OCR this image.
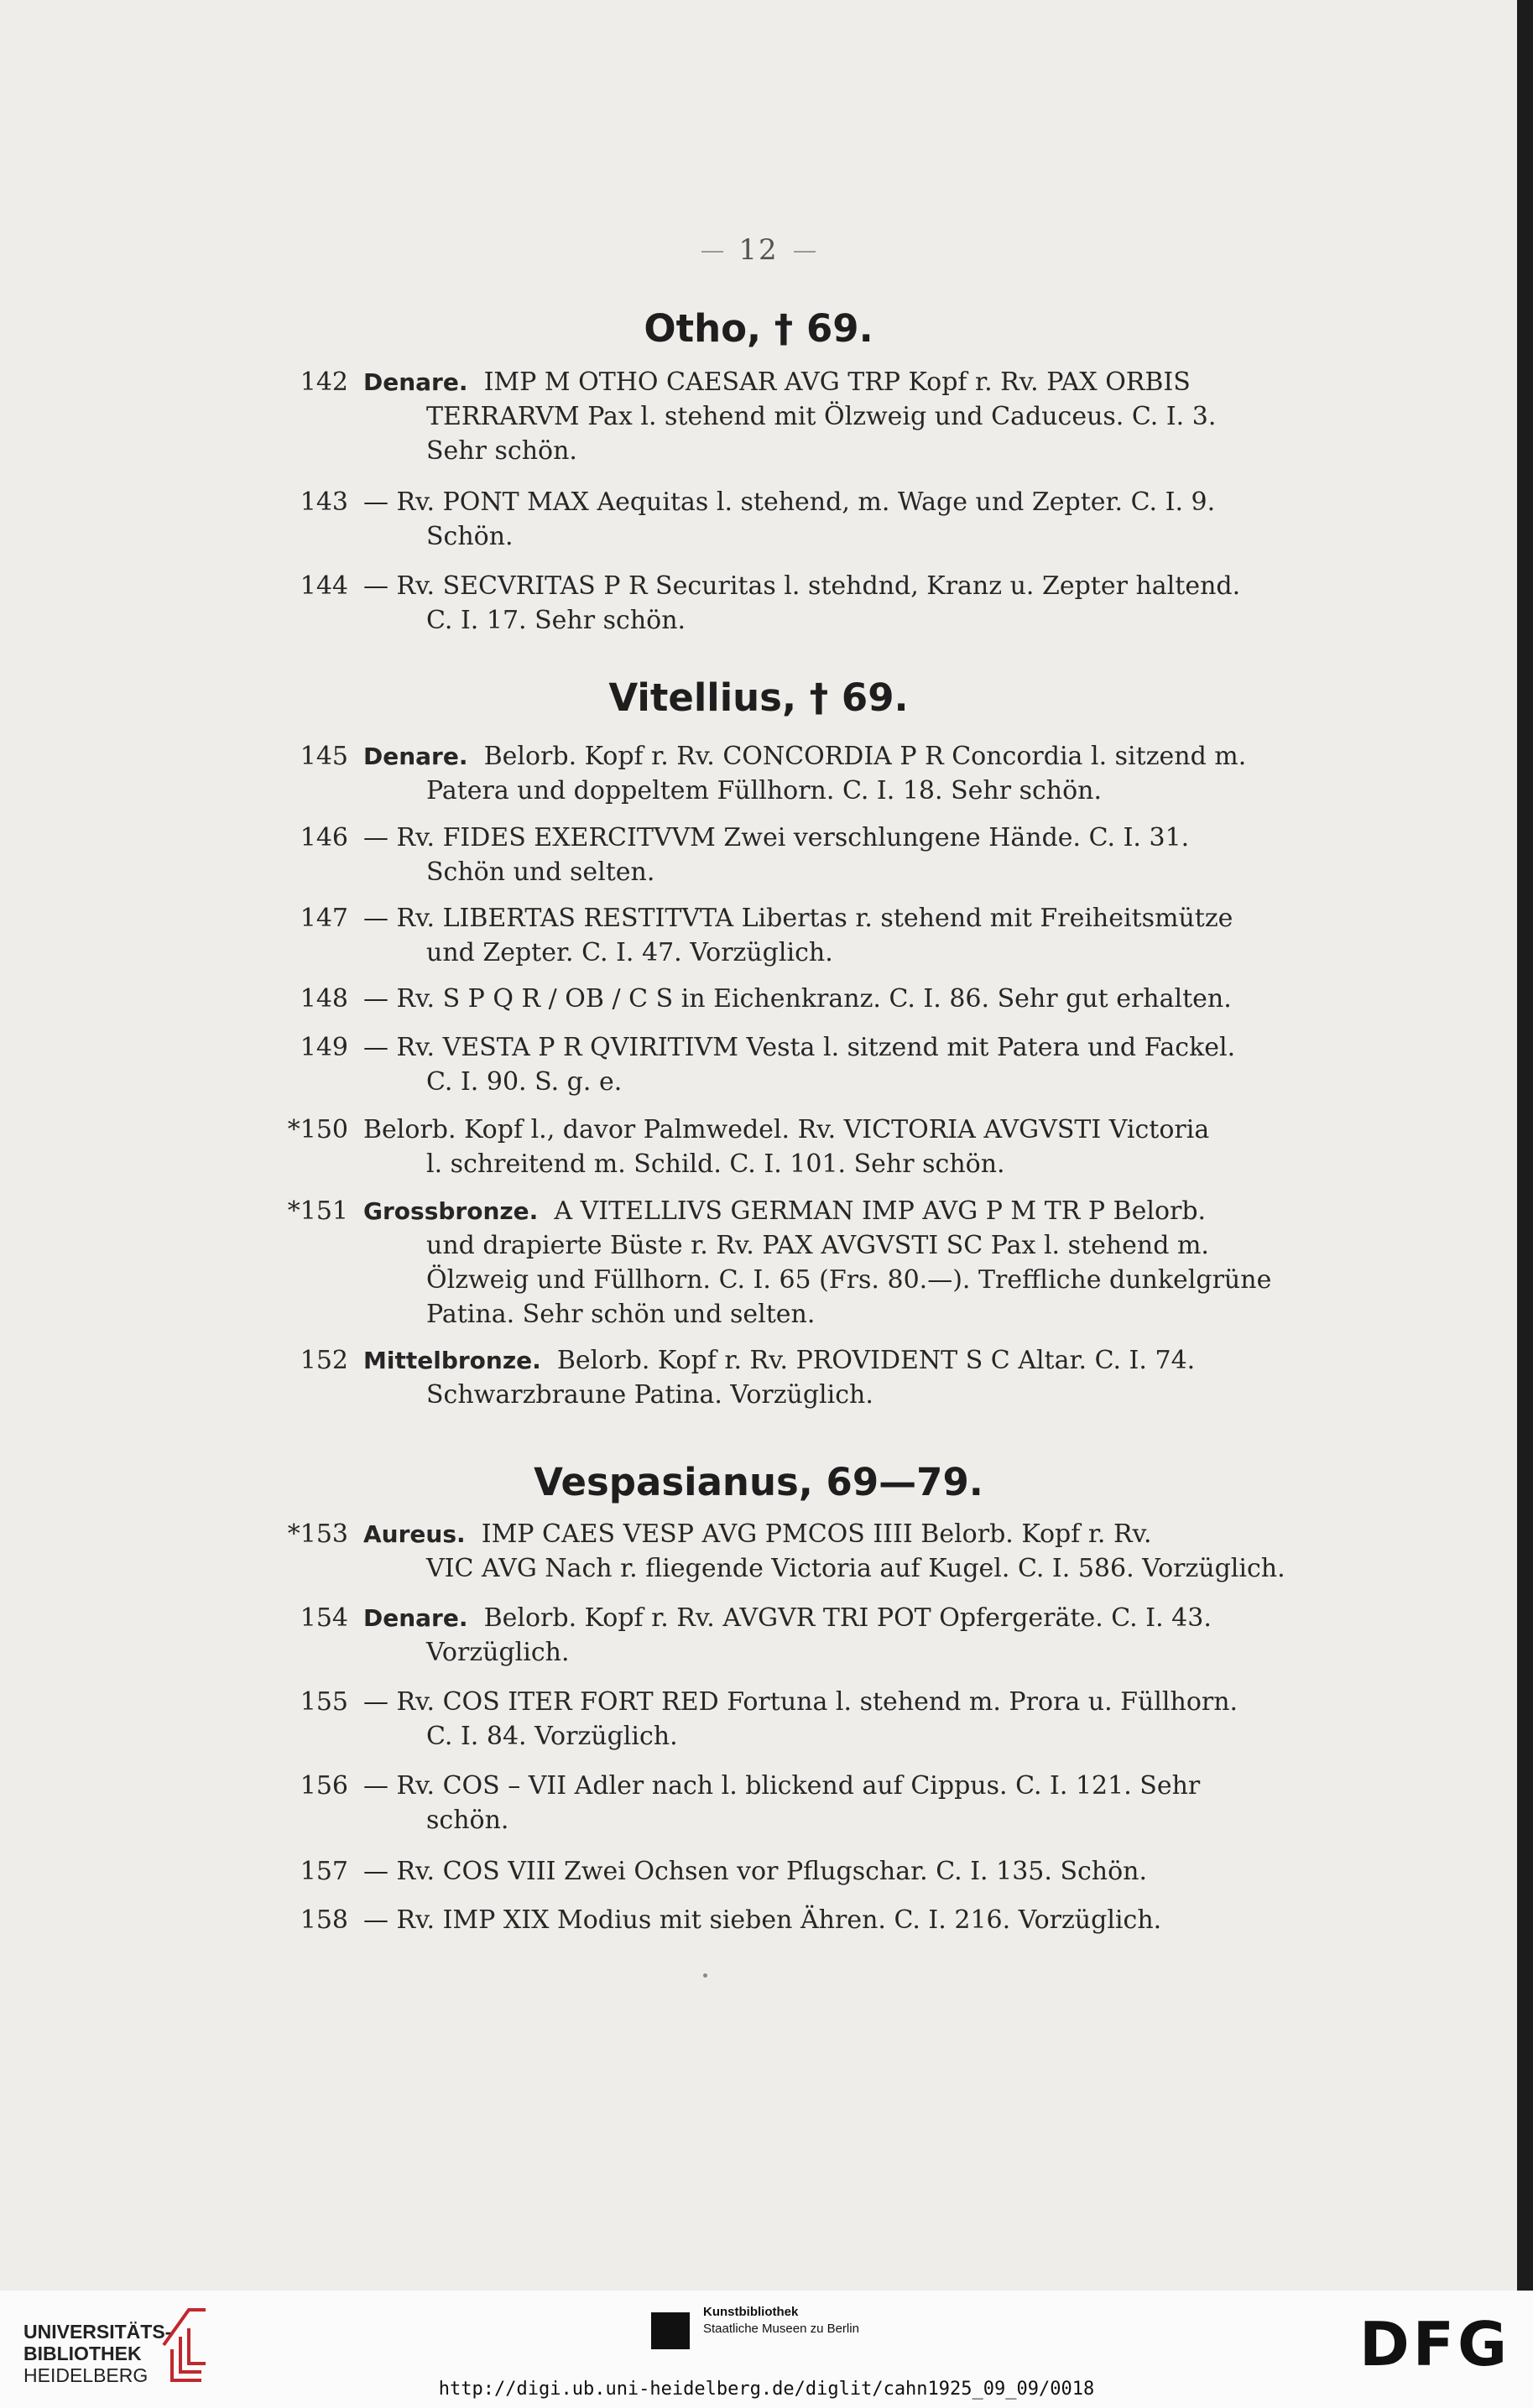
12
Otho, † 69.
142 Denare. IMP M OTHO CAESAR AVG TRP Kopf r. Rv. PAX ORBIS
TERRARVM Pax l. stehend mit Ölzweig und Caduceus. C. I. 3.
Sehr schön.
143 — Rv. PONT MAX Aequitas l. stehend, m. Wage und Zepter. C. I. 9.
Schön.
144 — Rv. SECVRITAS P R Securitas l. stehdnd, Kranz u. Zepter haltend.
C. I. 17. Sehr schön.
Vitellius, † 69.
145 Denare. Belorb. Kopf r. Rv. CONCORDIA P R Concordia l. sitzend m.
Patera und doppeltem Füllhorn. C. I. 18. Sehr schön.
146 — Rv. FIDES EXERCITVVM Zwei verschlungene Hände. C. I. 31.
Schön und selten.
147 — Rv. LIBERTAS RESTITVTA Libertas r. stehend mit Freiheitsmütze
und Zepter. C. I. 47. Vorzüglich.
148 — Rv. S P Q R / OB / C S in Eichenkranz. C. I. 86. Sehr gut erhalten.
149 — Rv. VESTA P R QVIRITIVM Vesta l. sitzend mit Patera und Fackel.
C. I. 90. S. g. e.
*150 Belorb. Kopf l., davor Palmwedel. Rv. VICTORIA AVGVSTI Victoria
l. schreitend m. Schild. C. I. 101. Sehr schön.
*151 Grossbronze. A VITELLIVS GERMAN IMP AVG P M TR P Belorb.
und drapierte Büste r. Rv. PAX AVGVSTI SC Pax l. stehend m.
Ölzweig und Füllhorn. C. I. 65 (Frs. 80.—). Treffliche dunkelgrüne
Patina. Sehr schön und selten.
152 Mittelbronze. Belorb. Kopf r. Rv. PROVIDENT S C Altar. C. I. 74.
Schwarzbraune Patina. Vorzüglich.
Vespasianus, 69—79.
*153 Aureus. IMP CAES VESP AVG PMCOS IIII Belorb. Kopf r. Rv.
VIC AVG Nach r. fliegende Victoria auf Kugel. C. I. 586. Vorzüglich.
154 Denare. Belorb. Kopf r. Rv. AVGVR TRI POT Opfergeräte. C. I. 43.
Vorzüglich.
155 — Rv. COS ITER FORT RED Fortuna l. stehend m. Prora u. Füllhorn.
C. I. 84. Vorzüglich.
156 — Rv. COS – VII Adler nach l. blickend auf Cippus. C. I. 121. Sehr
schön.
157 — Rv. COS VIII Zwei Ochsen vor Pflugschar. C. I. 135. Schön.
158 — Rv. IMP XIX Modius mit sieben Ähren. C. I. 216. Vorzüglich.
UNIVERSITÄTS-
BIBLIOTHEK
HEIDELBERG
Kunstbibliothek
Staatliche Museen zu Berlin	DFG
http://digi.ub.uni-heidelberg.de/diglit/cahn1925_09_09/0018
